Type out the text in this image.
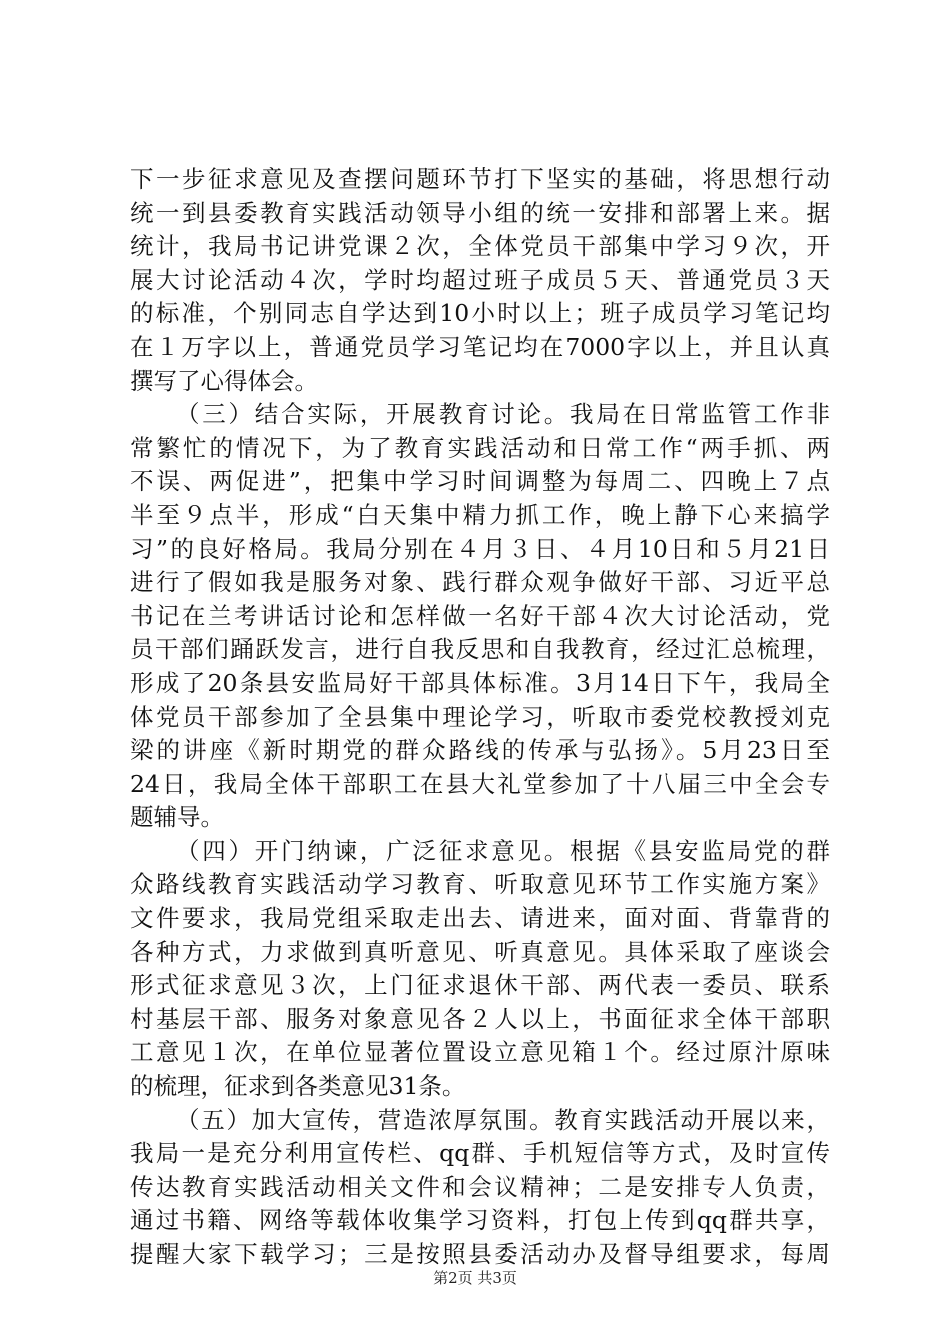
下一步征求意见及查摆问题环节打下坚实的基础，将思想行动
统一到县委教育实践活动领导小组的统一安排和部署上来。据
统计，我局书记讲党课２次，全体党员干部集中学习９次，开
展大讨论活动４次，学时均超过班子成员５天、普通党员３天
的标准，个别同志自学达到10小时以上；班子成员学习笔记均
在１万字以上，普通党员学习笔记均在7000字以上，并且认真
撰写了心得体会。
（三）结合实际，开展教育讨论。我局在日常监管工作非
常繁忙的情况下，为了教育实践活动和日常工作“两手抓、两
不误、两促进”，把集中学习时间调整为每周二、四晚上７点
半至９点半，形成“白天集中精力抓工作，晚上静下心来搞学
习”的良好格局。我局分别在４月３日、４月10日和５月21日
进行了假如我是服务对象、践行群众观争做好干部、习近平总
书记在兰考讲话讨论和怎样做一名好干部４次大讨论活动，党
员干部们踊跃发言，进行自我反思和自我教育，经过汇总梳理，
形成了20条县安监局好干部具体标准。3月14日下午，我局全
体党员干部参加了全县集中理论学习，听取市委党校教授刘克
梁的讲座《新时期党的群众路线的传承与弘扬》。5月23日至
24日，我局全体干部职工在县大礼堂参加了十八届三中全会专
题辅导。
（四）开门纳谏，广泛征求意见。根据《县安监局党的群
众路线教育实践活动学习教育、听取意见环节工作实施方案》
文件要求，我局党组采取走出去、请进来，面对面、背靠背的
各种方式，力求做到真听意见、听真意见。具体采取了座谈会
形式征求意见３次，上门征求退休干部、两代表一委员、联系
村基层干部、服务对象意见各２人以上，书面征求全体干部职
工意见１次，在单位显著位置设立意见箱１个。经过原汁原味
的梳理，征求到各类意见31条。
（五）加大宣传，营造浓厚氛围。教育实践活动开展以来，
我局一是充分利用宣传栏、qq群、手机短信等方式，及时宣传
传达教育实践活动相关文件和会议精神；二是安排专人负责，
通过书籍、网络等载体收集学习资料，打包上传到qq群共享，
提醒大家下载学习；三是按照县委活动办及督导组要求，每周
第2页 共3页
